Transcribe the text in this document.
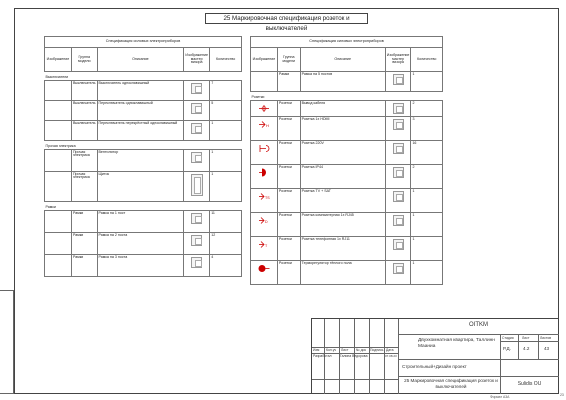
25 Маркировочная спецификация розеток и выключателей
Спецификация силовых электроприборов				
Изображение	Группа модели	Описание	Изображение мастер визора	Количество
Выключатели				
	Выключатель	Выключатель одноклавишный		7
	Выключатель	Переключатель одноклавишный		5
	Выключатель	Переключатель перекрёстный одноклавишный		1
Прочая электрика				
	Прочая электрика	Вентилятор		1
	Прочая электрика	Щиток		1
Рамки				
	Рамки	Рамка на 1 пост		11
	Рамки	Рамка на 2 поста		12
	Рамки	Рамка на 3 поста		4
Спецификация силовых электроприборов				
Изображение	Группа модели	Описание	Изображение мастер визора	Количество
	Рамки	Рамка на 5 постов		1
Розетки				

	Розетки	Вывод кабеля		2

H	Розетки	Розетка 1x HDMI		3

	Розетки	Розетка 220V		16

	Розетки	Розетка IP44		2

TS	Розетки	Розетка TV + SAT		1

D	Розетки	Розетка компьютерная 1x RJ45		1

T	Розетки	Розетка телефонная 1x RJ11		1

	Розетки	Терморегулятор тёплого пола		1
Изм Кол.уч Лист № док Подпись Дата
Разработал	Галина Ведорова	07.08.23
OITKM
Двухкомнатная квартира, Таллинн Мааниа
Строительный+Дизайн проект
25 Маркировочная спецификация розеток и выключателей	Sulidis OU
Стадия Лист	Листов
Р.Д.	4.2	43
Формат А3А	23
